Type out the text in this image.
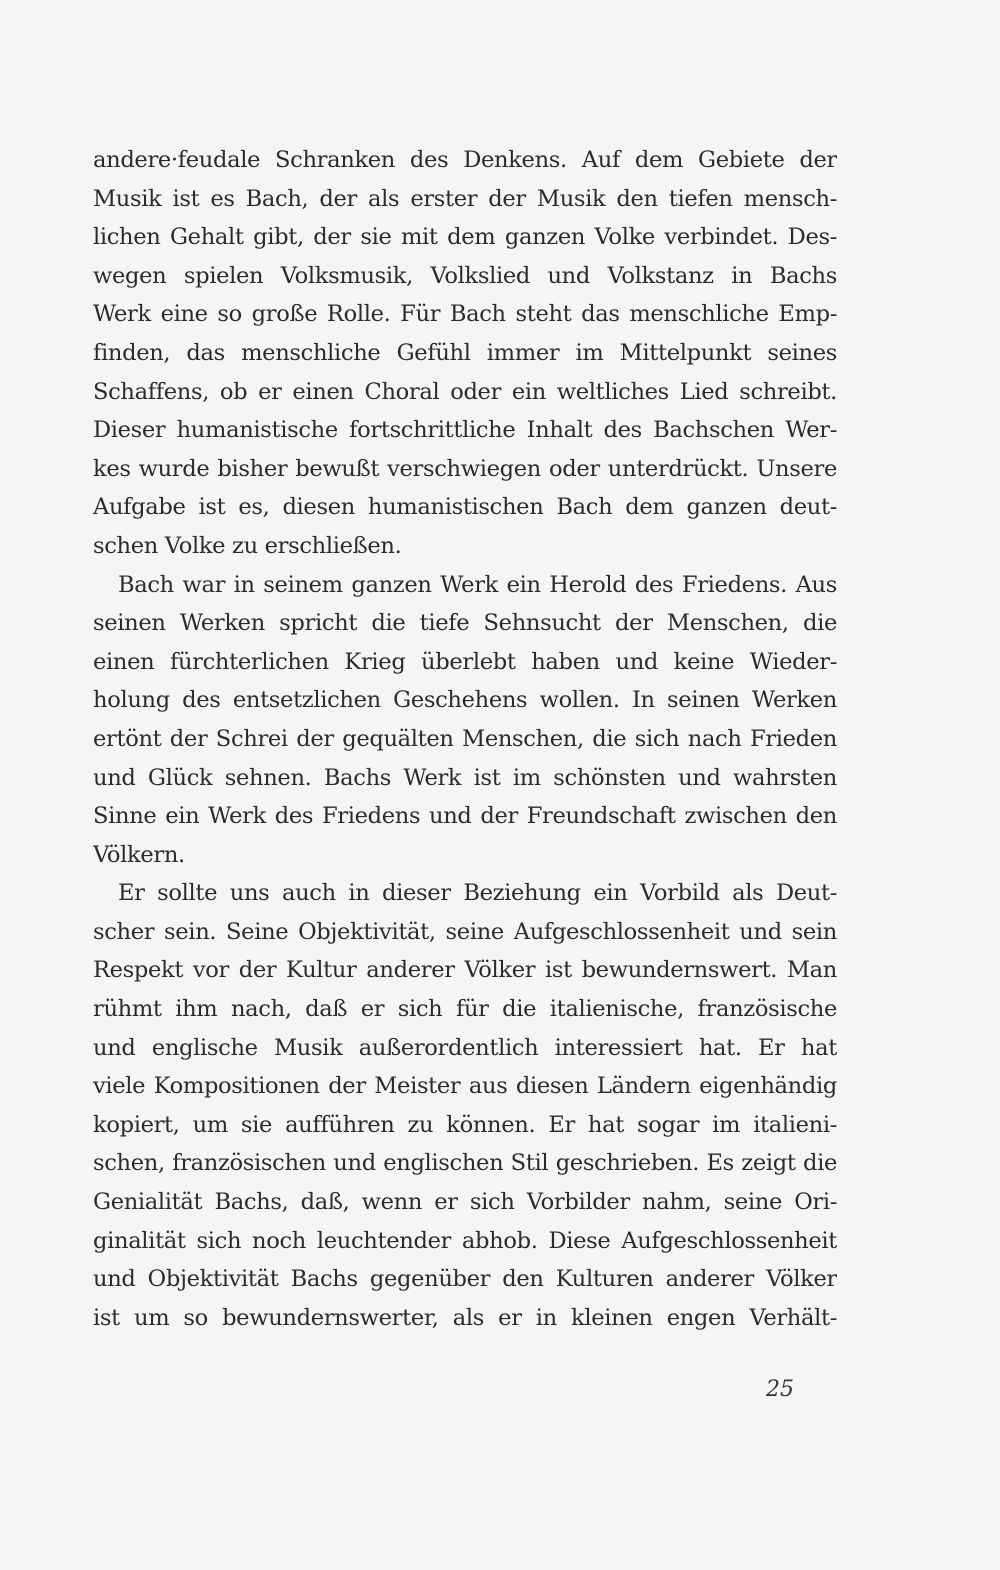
andere·feudale Schranken des Denkens. Auf dem Gebiete der
Musik ist es Bach, der als erster der Musik den tiefen mensch-
lichen Gehalt gibt, der sie mit dem ganzen Volke verbindet. Des-
wegen spielen Volksmusik, Volkslied und Volkstanz in Bachs
Werk eine so große Rolle. Für Bach steht das menschliche Emp-
finden, das menschliche Gefühl immer im Mittelpunkt seines
Schaffens, ob er einen Choral oder ein weltliches Lied schreibt.
Dieser humanistische fortschrittliche Inhalt des Bachschen Wer-
kes wurde bisher bewußt verschwiegen oder unterdrückt. Unsere
Aufgabe ist es, diesen humanistischen Bach dem ganzen deut-
schen Volke zu erschließen.
Bach war in seinem ganzen Werk ein Herold des Friedens. Aus
seinen Werken spricht die tiefe Sehnsucht der Menschen, die
einen fürchterlichen Krieg überlebt haben und keine Wieder-
holung des entsetzlichen Geschehens wollen. In seinen Werken
ertönt der Schrei der gequälten Menschen, die sich nach Frieden
und Glück sehnen. Bachs Werk ist im schönsten und wahrsten
Sinne ein Werk des Friedens und der Freundschaft zwischen den
Völkern.
Er sollte uns auch in dieser Beziehung ein Vorbild als Deut-
scher sein. Seine Objektivität, seine Aufgeschlossenheit und sein
Respekt vor der Kultur anderer Völker ist bewundernswert. Man
rühmt ihm nach, daß er sich für die italienische, französische
und englische Musik außerordentlich interessiert hat. Er hat
viele Kompositionen der Meister aus diesen Ländern eigenhändig
kopiert, um sie aufführen zu können. Er hat sogar im italieni-
schen, französischen und englischen Stil geschrieben. Es zeigt die
Genialität Bachs, daß, wenn er sich Vorbilder nahm, seine Ori-
ginalität sich noch leuchtender abhob. Diese Aufgeschlossenheit
und Objektivität Bachs gegenüber den Kulturen anderer Völker
ist um so bewundernswerter, als er in kleinen engen Verhält-
25
